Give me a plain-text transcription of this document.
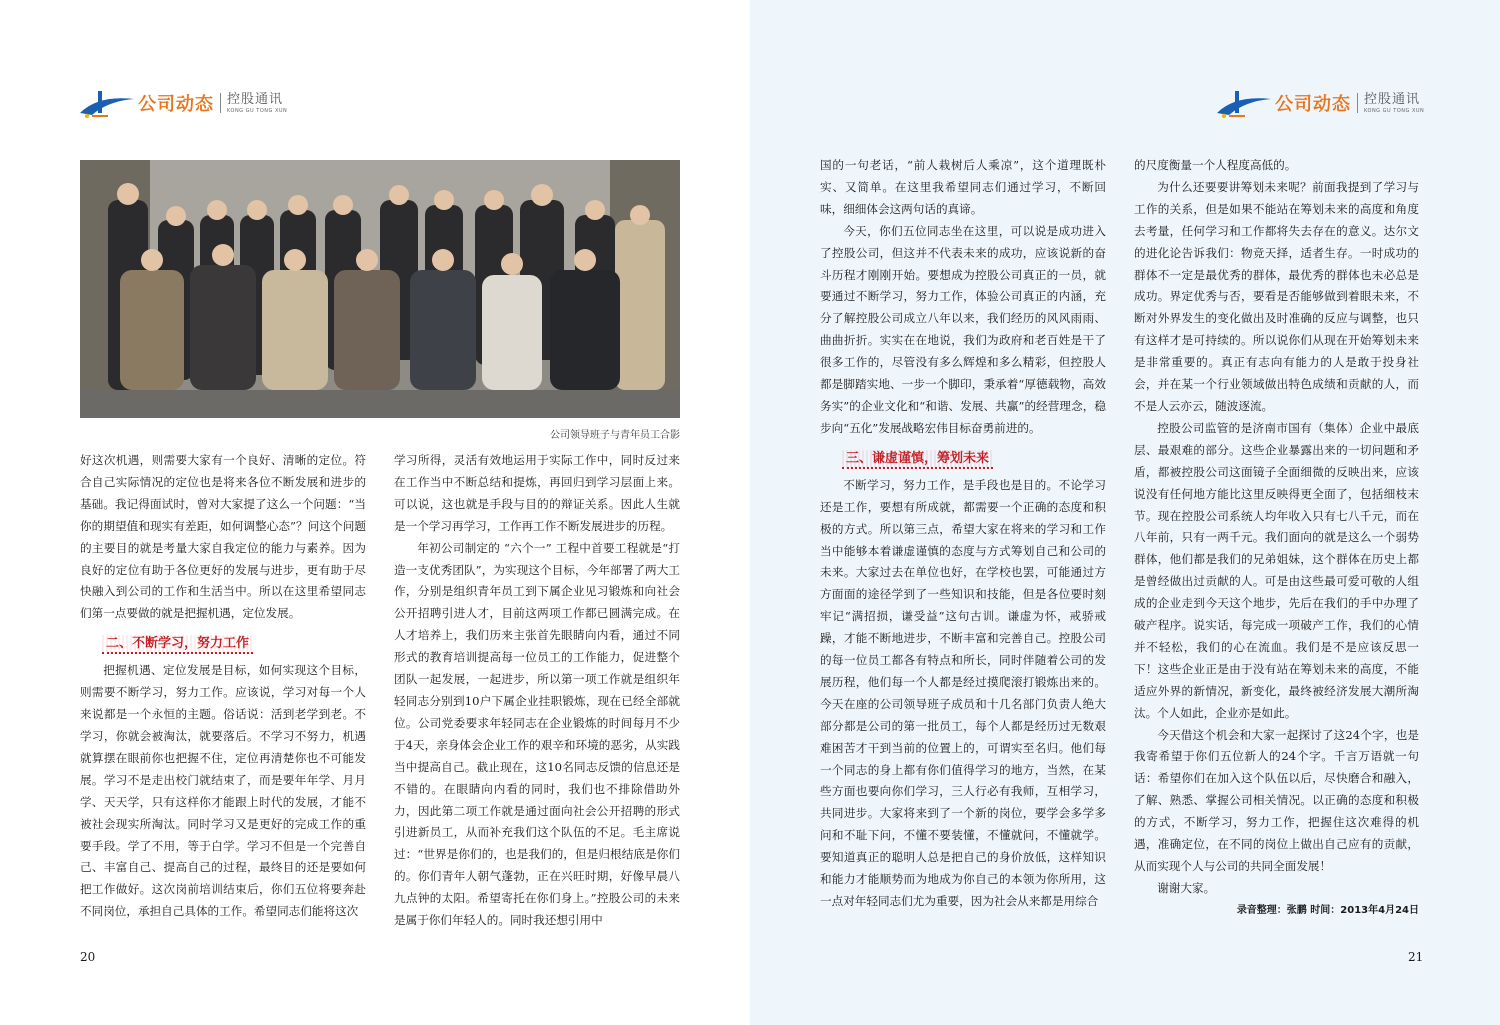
公司动态 控股通讯
KONG GU TONG XUN
公司领导班子与青年员工合影

好这次机遇，则需要大家有一个良好、清晰的定位。符合自己实际情况的定位也是将来各位不断发展和进步的基础。我记得面试时，曾对大家提了这么一个问题：“当你的期望值和现实有差距，如何调整心态”？问这个问题的主要目的就是考量大家自我定位的能力与素养。因为良好的定位有助于各位更好的发展与进步，更有助于尽快融入到公司的工作和生活当中。所以在这里希望同志们第一点要做的就是把握机遇，定位发展。

二、不断学习，努力工作

把握机遇、定位发展是目标，如何实现这个目标，则需要不断学习，努力工作。应该说，学习对每一个人来说都是一个永恒的主题。俗话说：活到老学到老。不学习，你就会被淘汰，就要落后。不学习不努力，机遇就算摆在眼前你也把握不住，定位再清楚你也不可能发展。学习不是走出校门就结束了，而是要年年学、月月学、天天学，只有这样你才能跟上时代的发展，才能不被社会现实所淘汰。同时学习又是更好的完成工作的重要手段。学了不用，等于白学。学习不但是一个完善自己、丰富自己、提高自己的过程，最终目的还是要如何把工作做好。这次岗前培训结束后，你们五位将要奔赴不同岗位，承担自己具体的工作。希望同志们能将这次

学习所得，灵活有效地运用于实际工作中，同时反过来在工作当中不断总结和提炼，再回归到学习层面上来。可以说，这也就是手段与目的的辩证关系。因此人生就是一个学习再学习，工作再工作不断发展进步的历程。

年初公司制定的 “六个一” 工程中首要工程就是“打造一支优秀团队”，为实现这个目标，今年部署了两大工作，分别是组织青年员工到下属企业见习锻炼和向社会公开招聘引进人才，目前这两项工作都已圆满完成。在人才培养上，我们历来主张首先眼睛向内看，通过不同形式的教育培训提高每一位员工的工作能力，促进整个团队一起发展，一起进步，所以第一项工作就是组织年轻同志分别到10户下属企业挂职锻炼，现在已经全部就位。公司党委要求年轻同志在企业锻炼的时间每月不少于4天，亲身体会企业工作的艰辛和环境的恶劣，从实践当中提高自己。截止现在，这10名同志反馈的信息还是不错的。在眼睛向内看的同时，我们也不排除借助外力，因此第二项工作就是通过面向社会公开招聘的形式引进新员工，从而补充我们这个队伍的不足。毛主席说过：“世界是你们的，也是我们的，但是归根结底是你们的。你们青年人朝气蓬勃，正在兴旺时期，好像早晨八九点钟的太阳。希望寄托在你们身上。”控股公司的未来是属于你们年轻人的。同时我还想引用中

20
公司动态 控股通讯
KONG GU TONG XUN

国的一句老话，“前人栽树后人乘凉”，这个道理既朴实、又简单。在这里我希望同志们通过学习，不断回味，细细体会这两句话的真谛。

今天，你们五位同志坐在这里，可以说是成功进入了控股公司，但这并不代表未来的成功，应该说新的奋斗历程才刚刚开始。要想成为控股公司真正的一员，就要通过不断学习，努力工作，体验公司真正的内涵，充分了解控股公司成立八年以来，我们经历的风风雨雨、曲曲折折。实实在在地说，我们为政府和老百姓是干了很多工作的，尽管没有多么辉煌和多么精彩，但控股人都是脚踏实地、一步一个脚印，秉承着“厚德载物，高效务实”的企业文化和“和谐、发展、共赢”的经营理念，稳步向“五化”发展战略宏伟目标奋勇前进的。

三、谦虚谨慎，筹划未来

不断学习，努力工作，是手段也是目的。不论学习还是工作，要想有所成就，都需要一个正确的态度和积极的方式。所以第三点，希望大家在将来的学习和工作当中能够本着谦虚谨慎的态度与方式筹划自己和公司的未来。大家过去在单位也好，在学校也罢，可能通过方方面面的途径学到了一些知识和技能，但是各位要时刻牢记“满招损，谦受益”这句古训。谦虚为怀，戒骄戒躁，才能不断地进步，不断丰富和完善自己。控股公司的每一位员工都各有特点和所长，同时伴随着公司的发展历程，他们每一个人都是经过摸爬滚打锻炼出来的。今天在座的公司领导班子成员和十几名部门负责人绝大部分都是公司的第一批员工，每个人都是经历过无数艰难困苦才干到当前的位置上的，可谓实至名归。他们每一个同志的身上都有你们值得学习的地方，当然，在某些方面也要向你们学习，三人行必有我师，互相学习，共同进步。大家将来到了一个新的岗位，要学会多学多问和不耻下问，不懂不要装懂，不懂就问，不懂就学。要知道真正的聪明人总是把自己的身价放低，这样知识和能力才能顺势而为地成为你自己的本领为你所用，这一点对年轻同志们尤为重要，因为社会从来都是用综合

的尺度衡量一个人程度高低的。

为什么还要要讲筹划未来呢？前面我提到了学习与工作的关系，但是如果不能站在筹划未来的高度和角度去考量，任何学习和工作都将失去存在的意义。达尔文的进化论告诉我们：物竞天择，适者生存。一时成功的群体不一定是最优秀的群体，最优秀的群体也未必总是成功。界定优秀与否，要看是否能够做到着眼未来，不断对外界发生的变化做出及时准确的反应与调整，也只有这样才是可持续的。所以说你们从现在开始筹划未来是非常重要的。真正有志向有能力的人是敢于投身社会，并在某一个行业领域做出特色成绩和贡献的人，而不是人云亦云，随波逐流。

控股公司监管的是济南市国有（集体）企业中最底层、最艰难的部分。这些企业暴露出来的一切问题和矛盾，都被控股公司这面镜子全面细微的反映出来，应该说没有任何地方能比这里反映得更全面了，包括细枝末节。现在控股公司系统人均年收入只有七八千元，而在八年前，只有一两千元。我们面向的就是这么一个弱势群体，他们都是我们的兄弟姐妹，这个群体在历史上都是曾经做出过贡献的人。可是由这些最可爱可敬的人组成的企业走到今天这个地步，先后在我们的手中办理了破产程序。说实话，每完成一项破产工作，我们的心情并不轻松，我们的心在流血。我们是不是应该反思一下！这些企业正是由于没有站在筹划未来的高度，不能适应外界的新情况，新变化，最终被经济发展大潮所淘汰。个人如此，企业亦是如此。

今天借这个机会和大家一起探讨了这24个字，也是我寄希望于你们五位新人的24个字。千言万语就一句话：希望你们在加入这个队伍以后，尽快磨合和融入，了解、熟悉、掌握公司相关情况。以正确的态度和积极的方式，不断学习，努力工作，把握住这次难得的机遇，准确定位，在不同的岗位上做出自己应有的贡献，从而实现个人与公司的共同全面发展！

谢谢大家。

录音整理：张鹏 时间：2013年4月24日

21
